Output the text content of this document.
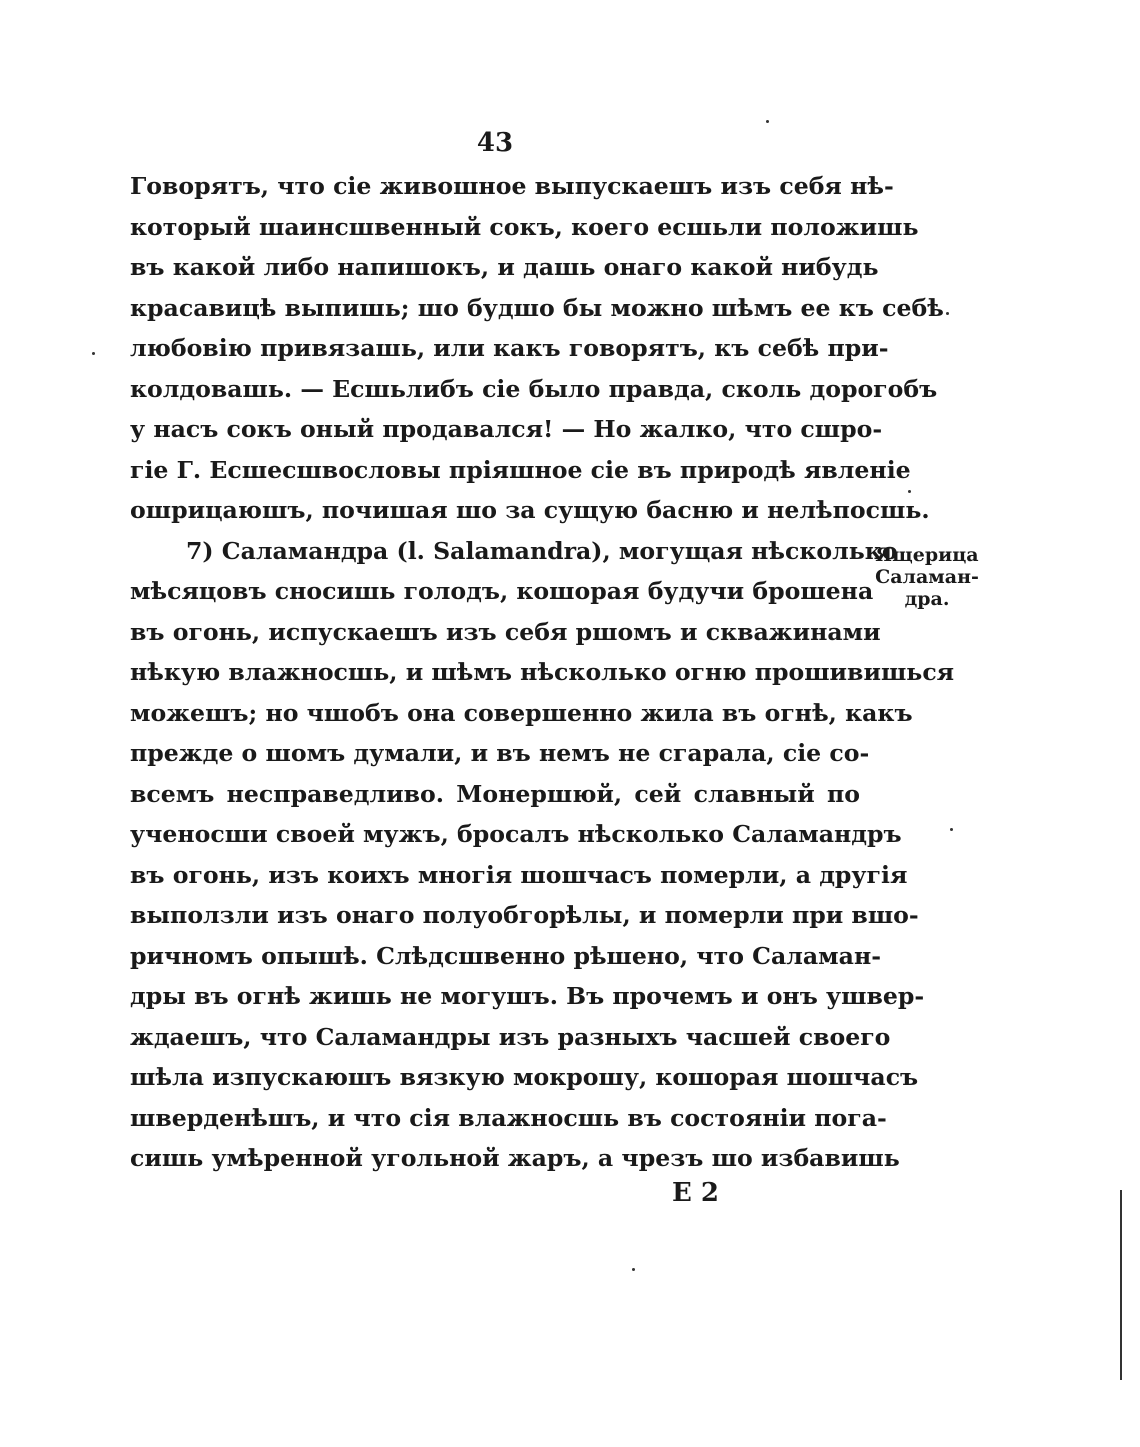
43
Говорятъ, что сiе живошное выпускаешъ изъ себя нѣ-
который шаинсшвенный сокъ, коего есшьли положишь
въ какой либо напишокъ, и дашь онаго какой нибудь
красавицѣ выпишь; шо будшо бы можно шѣмъ ее къ себѣ
любовiю привязашь, или какъ говорятъ, къ себѣ при-
колдовашь. — Есшьлибъ сiе было правда, сколь дорогобъ
у насъ сокъ оный продавался! — Но жалко, что сшро-
гiе Г. Есшесшвословы прiяшное сiе въ природѣ явленiе
ошрицаюшъ, почишая шо за сущую басню и нелѣпосшь.
7) Саламандра (l. Salamandra), могущая нѣсколько
мѣсяцовъ сносишь голодъ, кошорая будучи брошена
въ огонь, испускаешъ изъ себя ршомъ и скважинами
нѣкую влажносшь, и шѣмъ нѣсколько огню прошивишься
можешъ; но чшобъ она совершенно жила въ огнѣ, какъ
прежде о шомъ думали, и въ немъ не сгарала, сiе со-
всемъ несправедливо. Монершюй, сей славный по
ученосши своей мужъ, бросалъ нѣсколько Саламандръ
въ огонь, изъ коихъ многiя шошчасъ померли, а другiя
выползли изъ онаго полуобгорѣлы, и померли при вшо-
ричномъ опышѣ. Слѣдсшвенно рѣшено, что Саламан-
дры въ огнѣ жишь не могушъ. Въ прочемъ и онъ ушвер-
ждаешъ, что Саламандры изъ разныхъ часшей своего
шѣла изпускаюшъ вязкую мокрошу, кошорая шошчасъ
шверденѣшъ, и что сiя влажносшь въ состоянiи пога-
сишь умѣренной угольной жаръ, а чрезъ шо избавишь
Ящерица
Саламан-
дра.
E 2
